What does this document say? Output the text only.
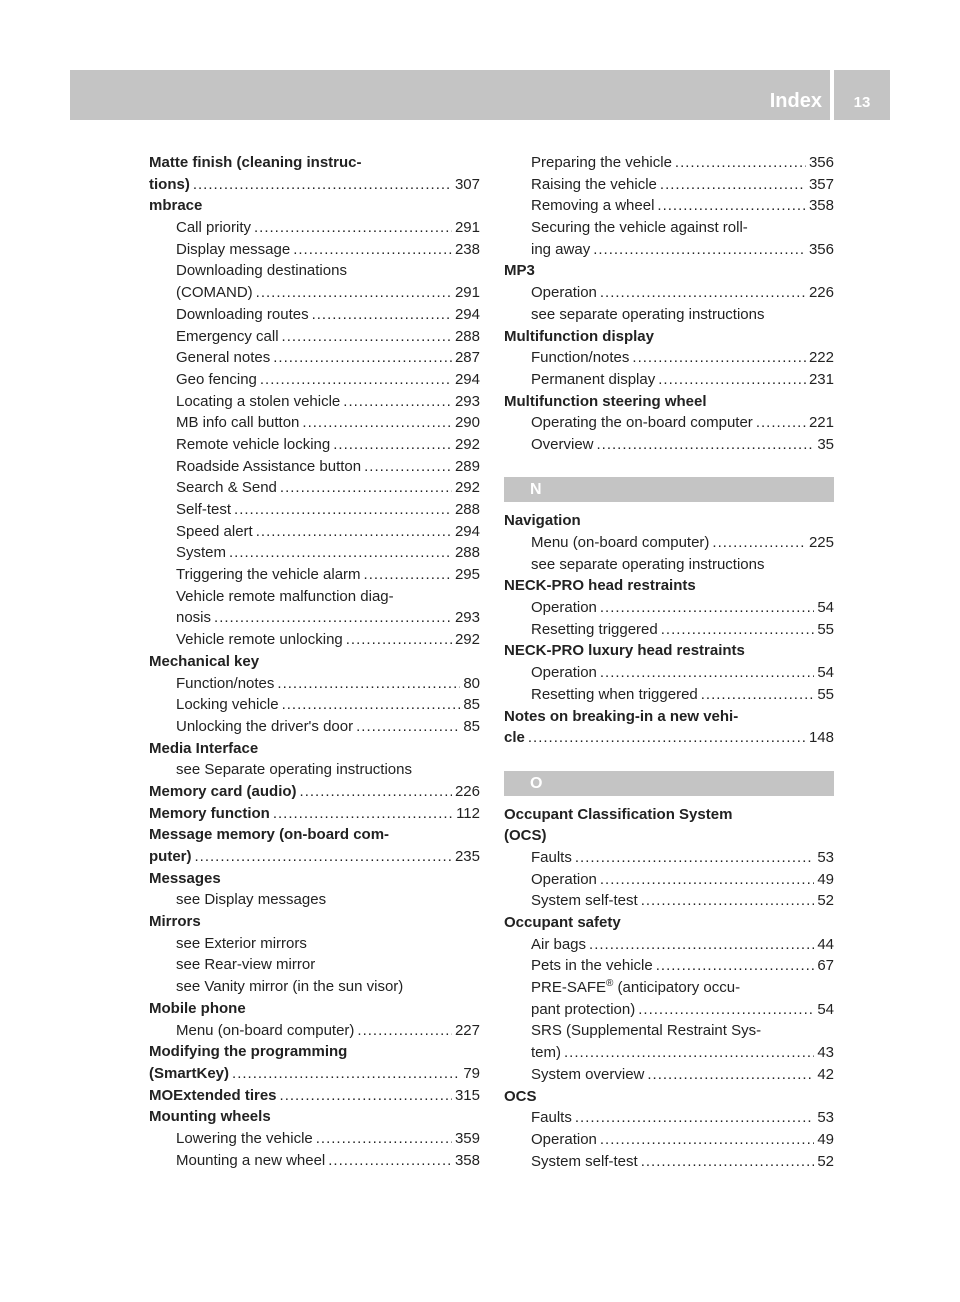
Index	13
Matte finish (cleaning instruc-
tions) .....	307
mbrace
Call priority .....	291
Display message .....	238
Downloading destinations
(COMAND) .....	291
Downloading routes .....	294
Emergency call .....	288
General notes .....	287
Geo fencing .....	294
Locating a stolen vehicle .....	293
MB info call button .....	290
Remote vehicle locking .....	292
Roadside Assistance button .....	289
Search & Send .....	292
Self-test .....	288
Speed alert .....	294
System .....	288
Triggering the vehicle alarm .....	295
Vehicle remote malfunction diag-
nosis .....	293
Vehicle remote unlocking .....	292
Mechanical key
Function/notes .....	80
Locking vehicle .....	85
Unlocking the driver's door .....	85
Media Interface
see Separate operating instructions
Memory card (audio) .....	226
Memory function .....	112
Message memory (on-board com-
puter) .....	235
Messages
see Display messages
Mirrors
see Exterior mirrors
see Rear-view mirror
see Vanity mirror (in the sun visor)
Mobile phone
Menu (on-board computer) .....	227
Modifying the programming
(SmartKey) .....	79
MOExtended tires .....	315
Mounting wheels
Lowering the vehicle .....	359
Mounting a new wheel .....	358
Preparing the vehicle .....	356
Raising the vehicle .....	357
Removing a wheel .....	358
Securing the vehicle against roll-
ing away .....	356
MP3
Operation .....	226
see separate operating instructions
Multifunction display
Function/notes .....	222
Permanent display .....	231
Multifunction steering wheel
Operating the on-board computer .....	221
Overview .....	35
N
Navigation
Menu (on-board computer) .....	225
see separate operating instructions
NECK-PRO head restraints
Operation .....	54
Resetting triggered .....	55
NECK-PRO luxury head restraints
Operation .....	54
Resetting when triggered .....	55
Notes on breaking-in a new vehi-
cle .....	148
O
Occupant Classification System
(OCS)
Faults .....	53
Operation .....	49
System self-test .....	52
Occupant safety
Air bags .....	44
Pets in the vehicle .....	67
PRE-SAFE® (anticipatory occu-
pant protection) .....	54
SRS (Supplemental Restraint Sys-
tem) .....	43
System overview .....	42
OCS
Faults .....	53
Operation .....	49
System self-test .....	52
